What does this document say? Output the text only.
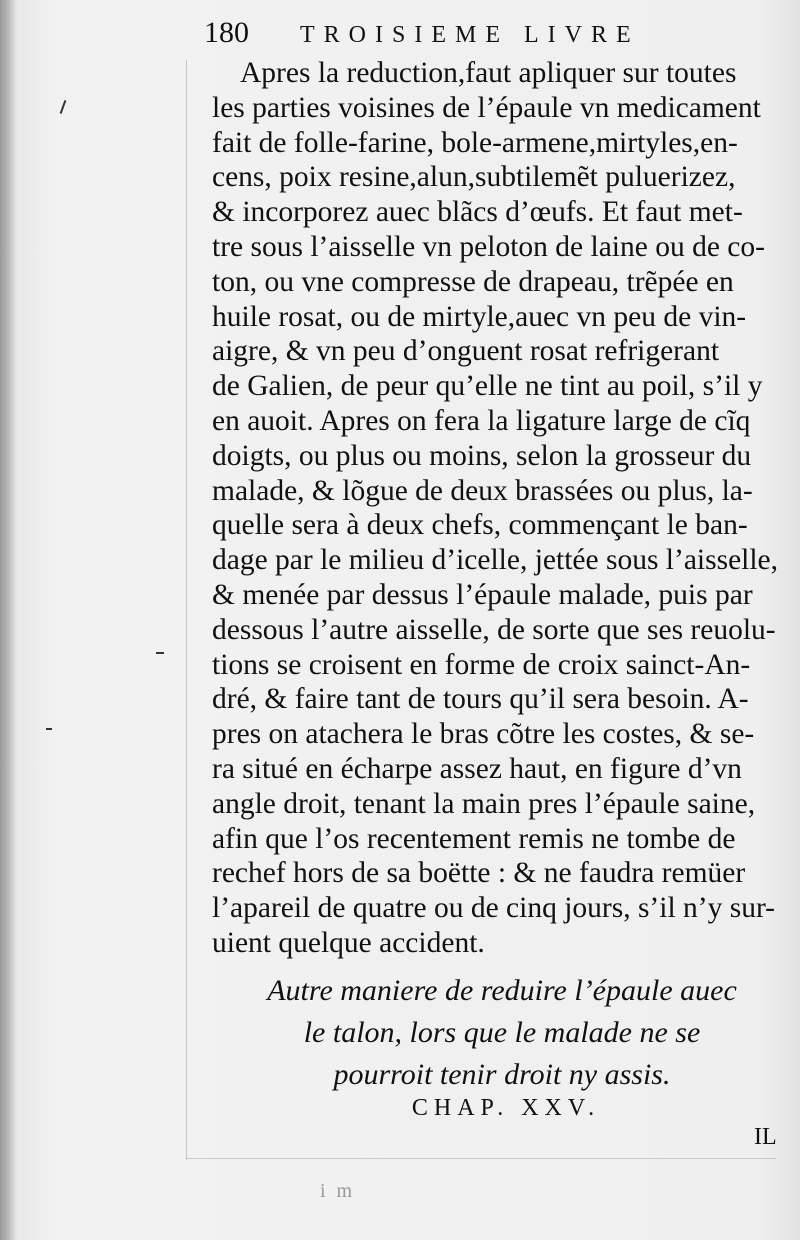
180 TROISIEME LIVRE
Apres la reduction,faut apliquer sur toutes
les parties voisines de l’épaule vn medicament
fait de folle-farine, bole-armene,mirtyles,en-
cens, poix resine,alun,subtilemẽt puluerizez,
& incorporez auec blãcs d’œufs. Et faut met-
tre sous l’aisselle vn peloton de laine ou de co-
ton, ou vne compresse de drapeau, trẽpée en
huile rosat, ou de mirtyle,auec vn peu de vin-
aigre, & vn peu d’onguent rosat refrigerant
de Galien, de peur qu’elle ne tint au poil, s’il y
en auoit. Apres on fera la ligature large de cĩq
doigts, ou plus ou moins, selon la grosseur du
malade, & lõgue de deux brassées ou plus, la-
quelle sera à deux chefs, commençant le ban-
dage par le milieu d’icelle, jettée sous l’aisselle,
& menée par dessus l’épaule malade, puis par
dessous l’autre aisselle, de sorte que ses reuolu-
tions se croisent en forme de croix sainct-An-
dré, & faire tant de tours qu’il sera besoin. A-
pres on atachera le bras cõtre les costes, & se-
ra situé en écharpe assez haut, en figure d’vn
angle droit, tenant la main pres l’épaule saine,
afin que l’os recentement remis ne tombe de
rechef hors de sa boëtte : & ne faudra remüer
l’apareil de quatre ou de cinq jours, s’il n’y sur-
uient quelque accident.
Autre maniere de reduire l’épaule auec
le talon, lors que le malade ne se
pourroit tenir droit ny assis.
CHAP. XXV.
IL
i m
